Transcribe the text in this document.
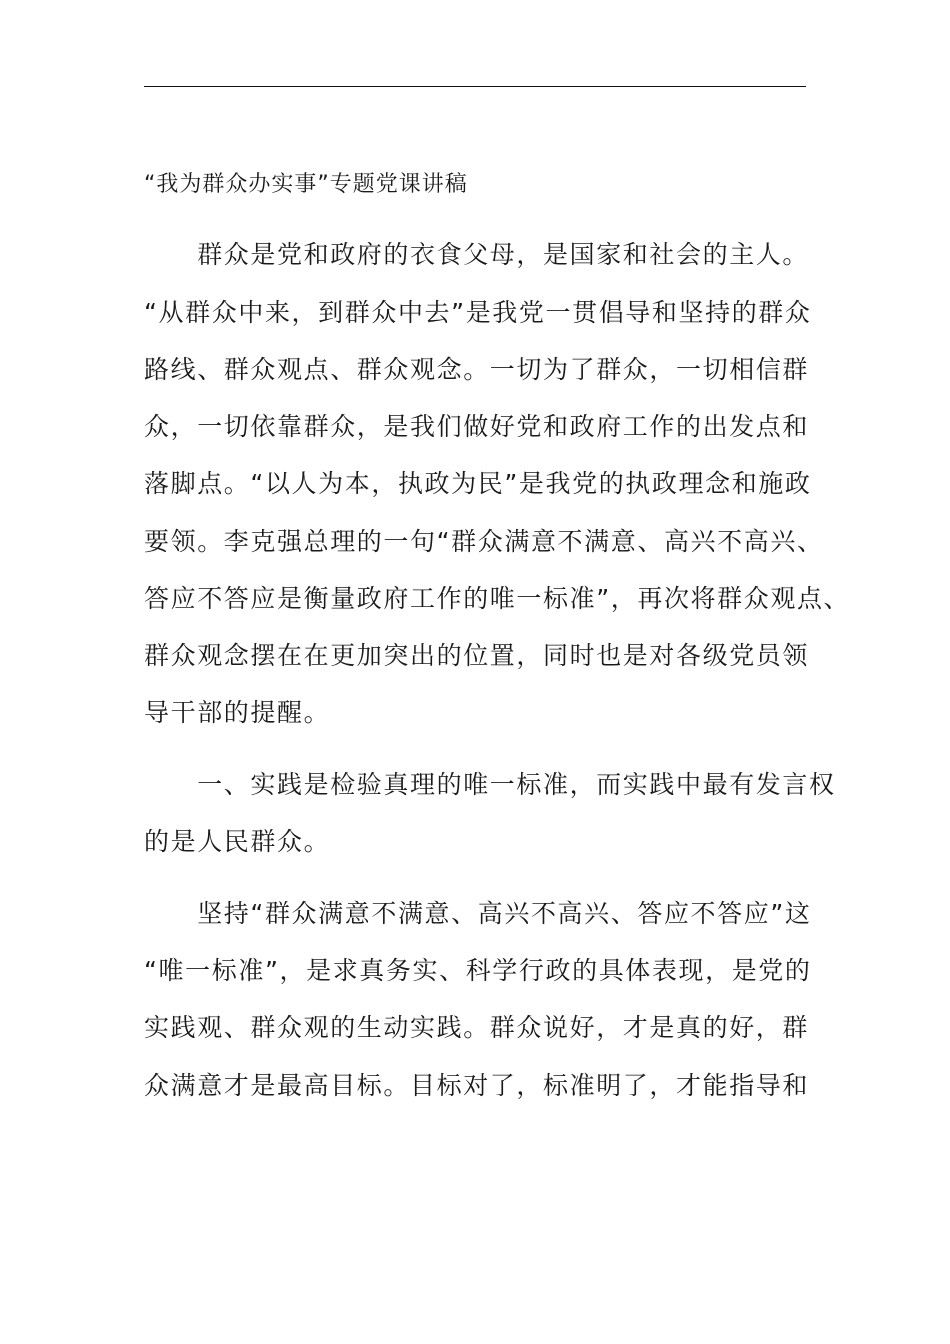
“我为群众办实事”专题党课讲稿

　　群众是党和政府的衣食父母，是国家和社会的主人。

“从群众中来，到群众中去”是我党一贯倡导和坚持的群众

路线、群众观点、群众观念。一切为了群众，一切相信群

众，一切依靠群众，是我们做好党和政府工作的出发点和

落脚点。“以人为本，执政为民”是我党的执政理念和施政

要领。李克强总理的一句“群众满意不满意、高兴不高兴、

答应不答应是衡量政府工作的唯一标准”，再次将群众观点、

群众观念摆在在更加突出的位置，同时也是对各级党员领

导干部的提醒。

　　一、实践是检验真理的唯一标准，而实践中最有发言权

的是人民群众。

　　坚持“群众满意不满意、高兴不高兴、答应不答应”这

“唯一标准”，是求真务实、科学行政的具体表现，是党的

实践观、群众观的生动实践。群众说好，才是真的好，群

众满意才是最高目标。目标对了，标准明了，才能指导和
